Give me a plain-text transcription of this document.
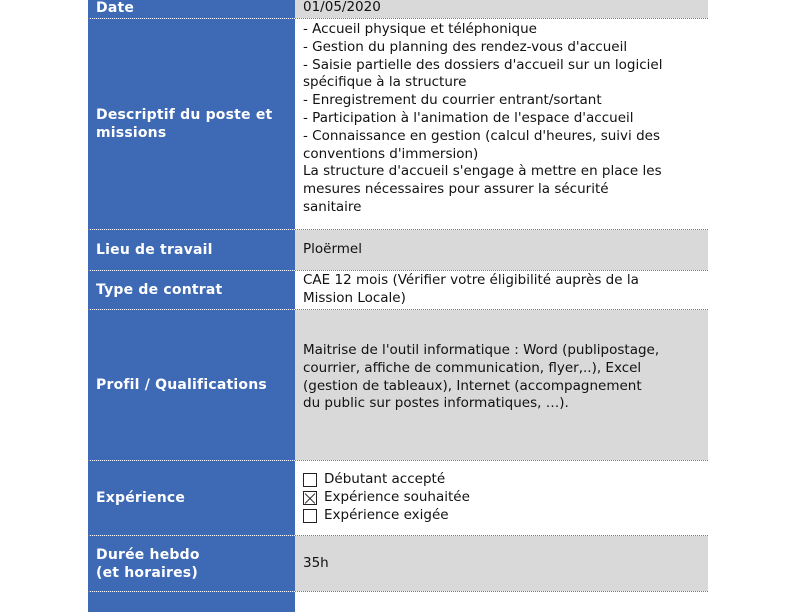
Date	01/05/2020
Descriptif du poste et
missions
- Accueil physique et téléphonique
- Gestion du planning des rendez-vous d'accueil
- Saisie partielle des dossiers d'accueil sur un logiciel
spécifique à la structure
- Enregistrement du courrier entrant/sortant
- Participation à l'animation de l'espace d'accueil
- Connaissance en gestion (calcul d'heures, suivi des
conventions d'immersion)
La structure d'accueil s'engage à mettre en place les
mesures nécessaires pour assurer la sécurité
sanitaire
Lieu de travail	Ploërmel
Type de contrat
CAE 12 mois (Vérifier votre éligibilité auprès de la
Mission Locale)
Profil / Qualifications
Maitrise de l'outil informatique : Word (publipostage,
courrier, affiche de communication, flyer,..), Excel
(gestion de tableaux), Internet (accompagnement
du public sur postes informatiques, …).
Expérience
Débutant accepté
Expérience souhaitée
Expérience exigée
Durée hebdo
(et horaires)
35h
